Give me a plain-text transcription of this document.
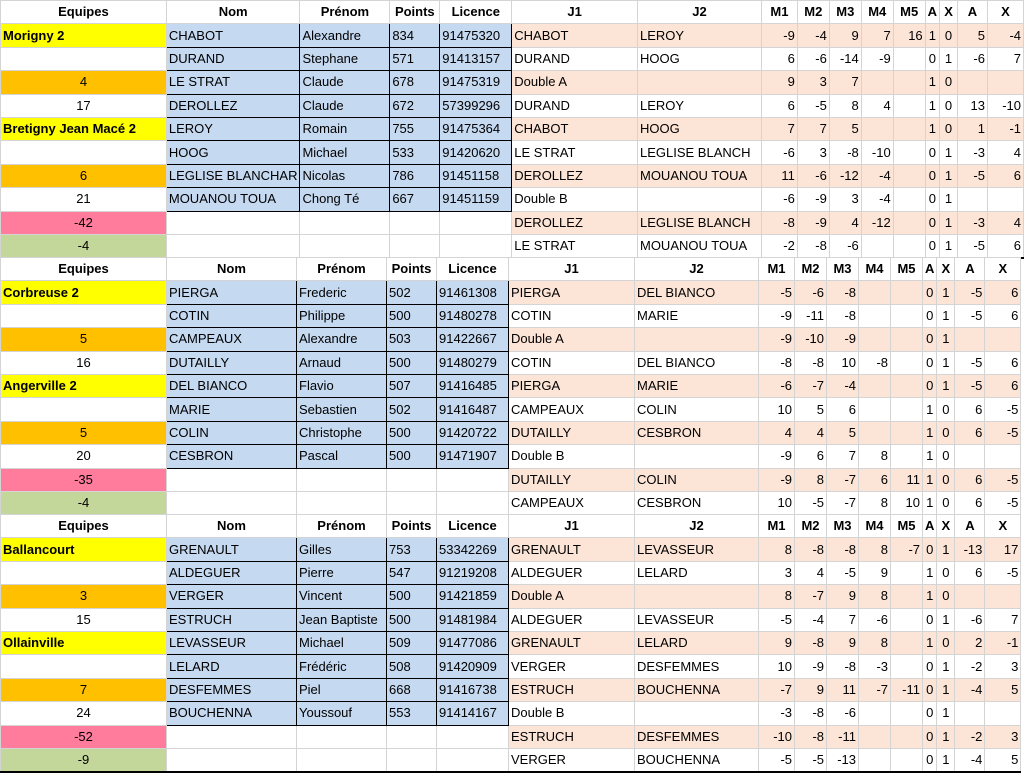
Equipes	Nom	Prénom	Points	Licence	J1	J2	M1	M2	M3	M4	M5	A	X	A	X
Morigny 2	CHABOT	Alexandre	834	91475320	CHABOT	LEROY	-9	-4	9	7	16	1	0	5	-4
	DURAND	Stephane	571	91413157	DURAND	HOOG	6	-6	-14	-9		0	1	-6	7
4	LE STRAT	Claude	678	91475319	Double A		9	3	7			1	0		
17	DEROLLEZ	Claude	672	57399296	DURAND	LEROY	6	-5	8	4		1	0	13	-10
Bretigny Jean Macé 2	LEROY	Romain	755	91475364	CHABOT	HOOG	7	7	5			1	0	1	-1
	HOOG	Michael	533	91420620	LE STRAT	LEGLISE BLANCH	-6	3	-8	-10		0	1	-3	4
6	LEGLISE BLANCHAR	Nicolas	786	91451158	DEROLLEZ	MOUANOU TOUA	11	-6	-12	-4		0	1	-5	6
21	MOUANOU TOUA	Chong Té	667	91451159	Double B		-6	-9	3	-4		0	1		
-42					DEROLLEZ	LEGLISE BLANCH	-8	-9	4	-12		0	1	-3	4
-4					LE STRAT	MOUANOU TOUA	-2	-8	-6			0	1	-5	6
Equipes	Nom	Prénom	Points	Licence	J1	J2	M1	M2	M3	M4	M5	A	X	A	X
Corbreuse 2	PIERGA	Frederic	502	91461308	PIERGA	DEL BIANCO	-5	-6	-8			0	1	-5	6
	COTIN	Philippe	500	91480278	COTIN	MARIE	-9	-11	-8			0	1	-5	6
5	CAMPEAUX	Alexandre	503	91422667	Double A		-9	-10	-9			0	1		
16	DUTAILLY	Arnaud	500	91480279	COTIN	DEL BIANCO	-8	-8	10	-8		0	1	-5	6
Angerville 2	DEL BIANCO	Flavio	507	91416485	PIERGA	MARIE	-6	-7	-4			0	1	-5	6
	MARIE	Sebastien	502	91416487	CAMPEAUX	COLIN	10	5	6			1	0	6	-5
5	COLIN	Christophe	500	91420722	DUTAILLY	CESBRON	4	4	5			1	0	6	-5
20	CESBRON	Pascal	500	91471907	Double B		-9	6	7	8		1	0		
-35					DUTAILLY	COLIN	-9	8	-7	6	11	1	0	6	-5
-4					CAMPEAUX	CESBRON	10	-5	-7	8	10	1	0	6	-5
Equipes	Nom	Prénom	Points	Licence	J1	J2	M1	M2	M3	M4	M5	A	X	A	X
Ballancourt	GRENAULT	Gilles	753	53342269	GRENAULT	LEVASSEUR	8	-8	-8	8	-7	0	1	-13	17
	ALDEGUER	Pierre	547	91219208	ALDEGUER	LELARD	3	4	-5	9		1	0	6	-5
3	VERGER	Vincent	500	91421859	Double A		8	-7	9	8		1	0		
15	ESTRUCH	Jean Baptiste	500	91481984	ALDEGUER	LEVASSEUR	-5	-4	7	-6		0	1	-6	7
Ollainville	LEVASSEUR	Michael	509	91477086	GRENAULT	LELARD	9	-8	9	8		1	0	2	-1
	LELARD	Frédéric	508	91420909	VERGER	DESFEMMES	10	-9	-8	-3		0	1	-2	3
7	DESFEMMES	Piel	668	91416738	ESTRUCH	BOUCHENNA	-7	9	11	-7	-11	0	1	-4	5
24	BOUCHENNA	Youssouf	553	91414167	Double B		-3	-8	-6			0	1		
-52					ESTRUCH	DESFEMMES	-10	-8	-11			0	1	-2	3
-9					VERGER	BOUCHENNA	-5	-5	-13			0	1	-4	5
